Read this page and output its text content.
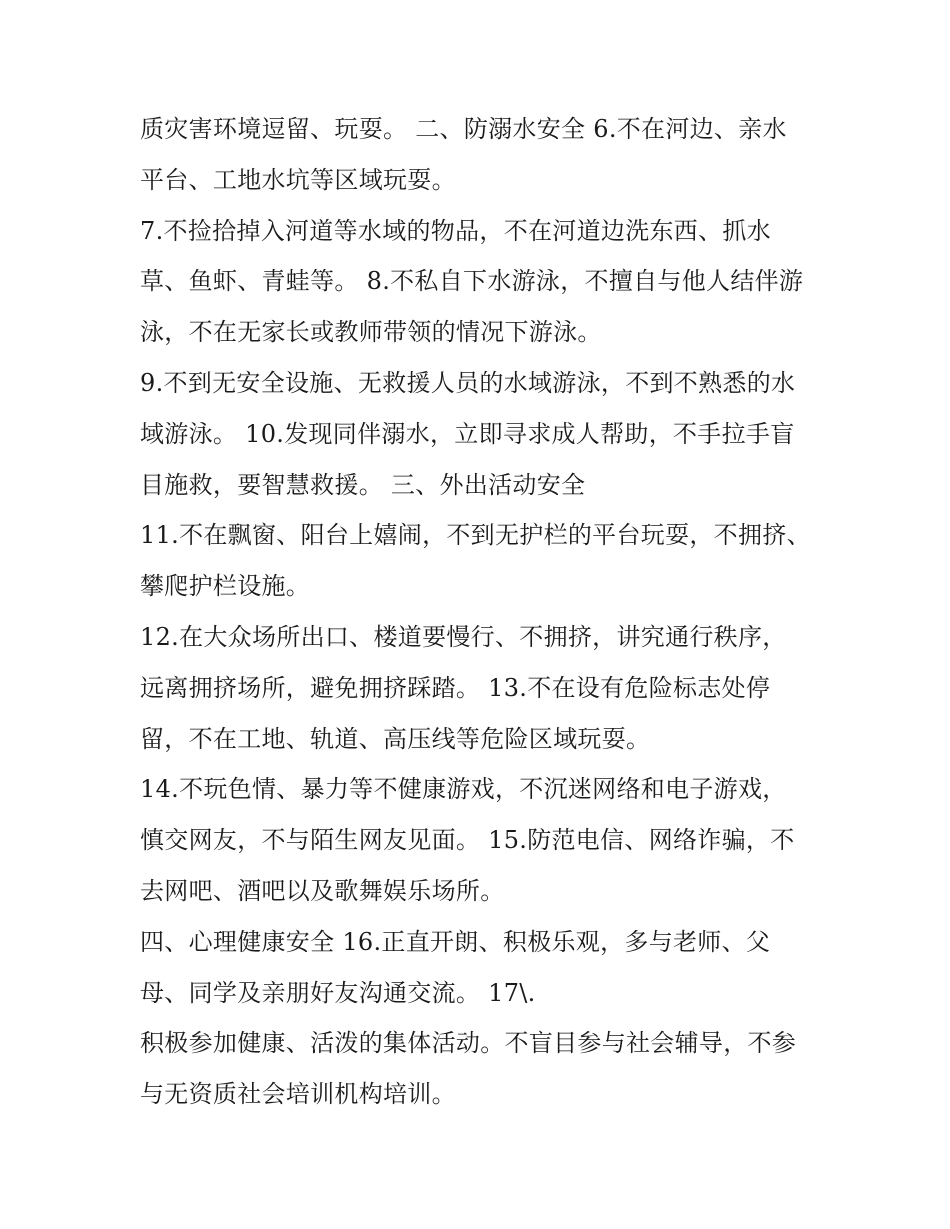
质灾害环境逗留、玩耍。 二、防溺水安全 6.不在河边、亲水
平台、工地水坑等区域玩耍。
7.不捡拾掉入河道等水域的物品，不在河道边洗东西、抓水
草、鱼虾、青蛙等。 8.不私自下水游泳，不擅自与他人结伴游
泳，不在无家长或教师带领的情况下游泳。
9.不到无安全设施、无救援人员的水域游泳，不到不熟悉的水
域游泳。 10.发现同伴溺水，立即寻求成人帮助，不手拉手盲
目施救，要智慧救援。 三、外出活动安全
11.不在飘窗、阳台上嬉闹，不到无护栏的平台玩耍，不拥挤、
攀爬护栏设施。
12.在大众场所出口、楼道要慢行、不拥挤，讲究通行秩序，
远离拥挤场所，避免拥挤踩踏。 13.不在设有危险标志处停
留，不在工地、轨道、高压线等危险区域玩耍。
14.不玩色情、暴力等不健康游戏，不沉迷网络和电子游戏，
慎交网友，不与陌生网友见面。 15.防范电信、网络诈骗，不
去网吧、酒吧以及歌舞娱乐场所。
四、心理健康安全 16.正直开朗、积极乐观，多与老师、父
母、同学及亲朋好友沟通交流。 17\.
积极参加健康、活泼的集体活动。不盲目参与社会辅导，不参
与无资质社会培训机构培训。
